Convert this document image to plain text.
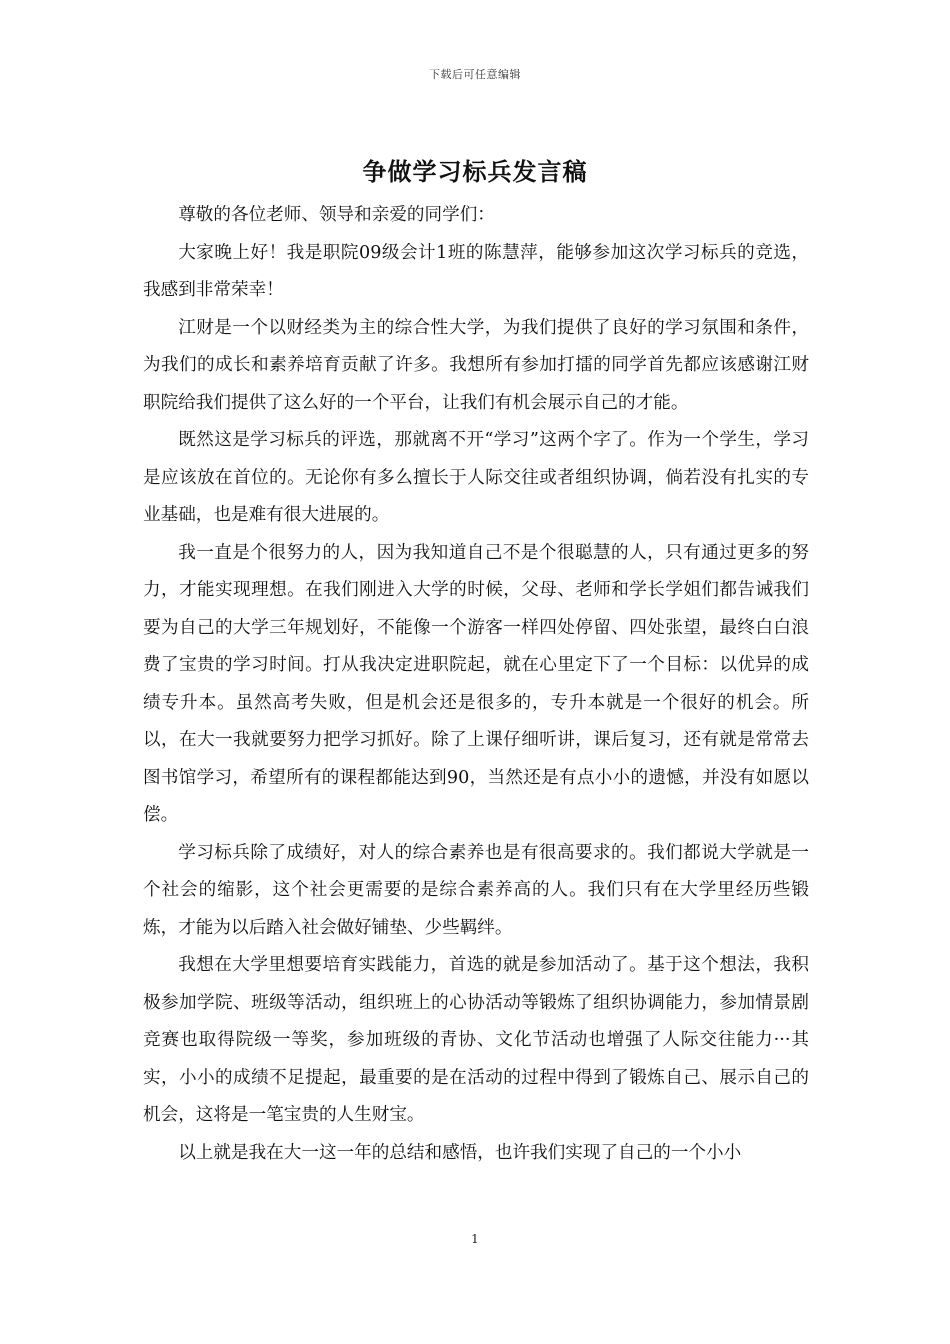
下载后可任意编辑
争做学习标兵发言稿

尊敬的各位老师、领导和亲爱的同学们：

大家晚上好！我是职院09级会计1班的陈慧萍，能够参加这次学习标兵的竞选，我感到非常荣幸！

江财是一个以财经类为主的综合性大学，为我们提供了良好的学习氛围和条件，为我们的成长和素养培育贡献了许多。我想所有参加打擂的同学首先都应该感谢江财职院给我们提供了这么好的一个平台，让我们有机会展示自己的才能。

既然这是学习标兵的评选，那就离不开“学习”这两个字了。作为一个学生，学习是应该放在首位的。无论你有多么擅长于人际交往或者组织协调，倘若没有扎实的专业基础，也是难有很大进展的。

我一直是个很努力的人，因为我知道自己不是个很聪慧的人，只有通过更多的努力，才能实现理想。在我们刚进入大学的时候，父母、老师和学长学姐们都告诫我们要为自己的大学三年规划好，不能像一个游客一样四处停留、四处张望，最终白白浪费了宝贵的学习时间。打从我决定进职院起，就在心里定下了一个目标：以优异的成绩专升本。虽然高考失败，但是机会还是很多的，专升本就是一个很好的机会。所以，在大一我就要努力把学习抓好。除了上课仔细听讲，课后复习，还有就是常常去图书馆学习，希望所有的课程都能达到90，当然还是有点小小的遗憾，并没有如愿以偿。

学习标兵除了成绩好，对人的综合素养也是有很高要求的。我们都说大学就是一个社会的缩影，这个社会更需要的是综合素养高的人。我们只有在大学里经历些锻炼，才能为以后踏入社会做好铺垫、少些羁绊。

我想在大学里想要培育实践能力，首选的就是参加活动了。基于这个想法，我积极参加学院、班级等活动，组织班上的心协活动等锻炼了组织协调能力，参加情景剧竞赛也取得院级一等奖，参加班级的青协、文化节活动也增强了人际交往能力···其实，小小的成绩不足提起，最重要的是在活动的过程中得到了锻炼自己、展示自己的机会，这将是一笔宝贵的人生财宝。

以上就是我在大一这一年的总结和感悟，也许我们实现了自己的一个小小

1
